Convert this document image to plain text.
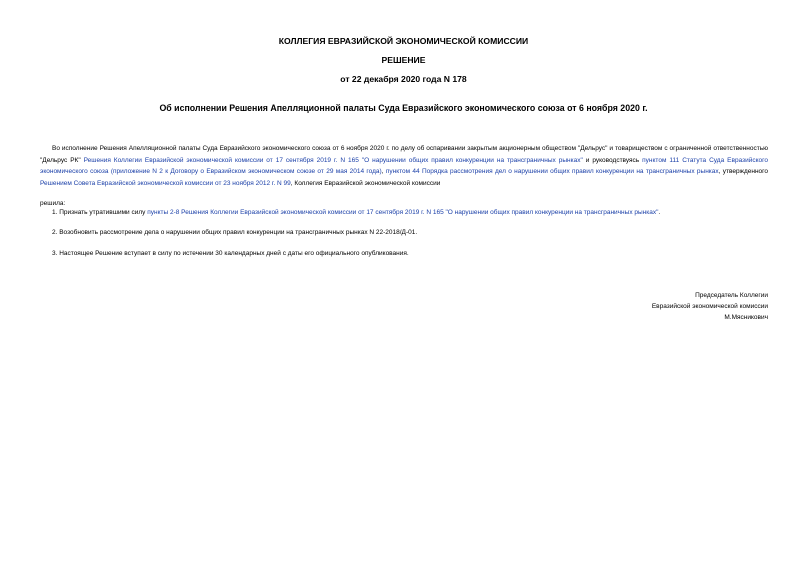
КОЛЛЕГИЯ ЕВРАЗИЙСКОЙ ЭКОНОМИЧЕСКОЙ КОМИССИИ
РЕШЕНИЕ
от 22 декабря 2020 года N 178
Об исполнении Решения Апелляционной палаты Суда Евразийского экономического союза от 6 ноября 2020 г.
Во исполнение Решения Апелляционной палаты Суда Евразийского экономического союза от 6 ноября 2020 г. по делу об оспаривании закрытым акционерным обществом "Дельрус" и товариществом с ограниченной ответственностью "Дельрус РК" Решения Коллегии Евразийской экономической комиссии от 17 сентября 2019 г. N 165 "О нарушении общих правил конкуренции на трансграничных рынках" и руководствуясь пунктом 111 Статута Суда Евразийского экономического союза (приложение N 2 к Договору о Евразийском экономическом союзе от 29 мая 2014 года), пунктом 44 Порядка рассмотрения дел о нарушении общих правил конкуренции на трансграничных рынках, утвержденного Решением Совета Евразийской экономической комиссии от 23 ноября 2012 г. N 99, Коллегия Евразийской экономической комиссии
решила:
1. Признать утратившими силу пункты 2-8 Решения Коллегии Евразийской экономической комиссии от 17 сентября 2019 г. N 165 "О нарушении общих правил конкуренции на трансграничных рынках".
2. Возобновить рассмотрение дела о нарушении общих правил конкуренции на трансграничных рынках N 22-2018/Д-01.
3. Настоящее Решение вступает в силу по истечении 30 календарных дней с даты его официального опубликования.
Председатель Коллегии
Евразийской экономической комиссии
М.Мясникович
